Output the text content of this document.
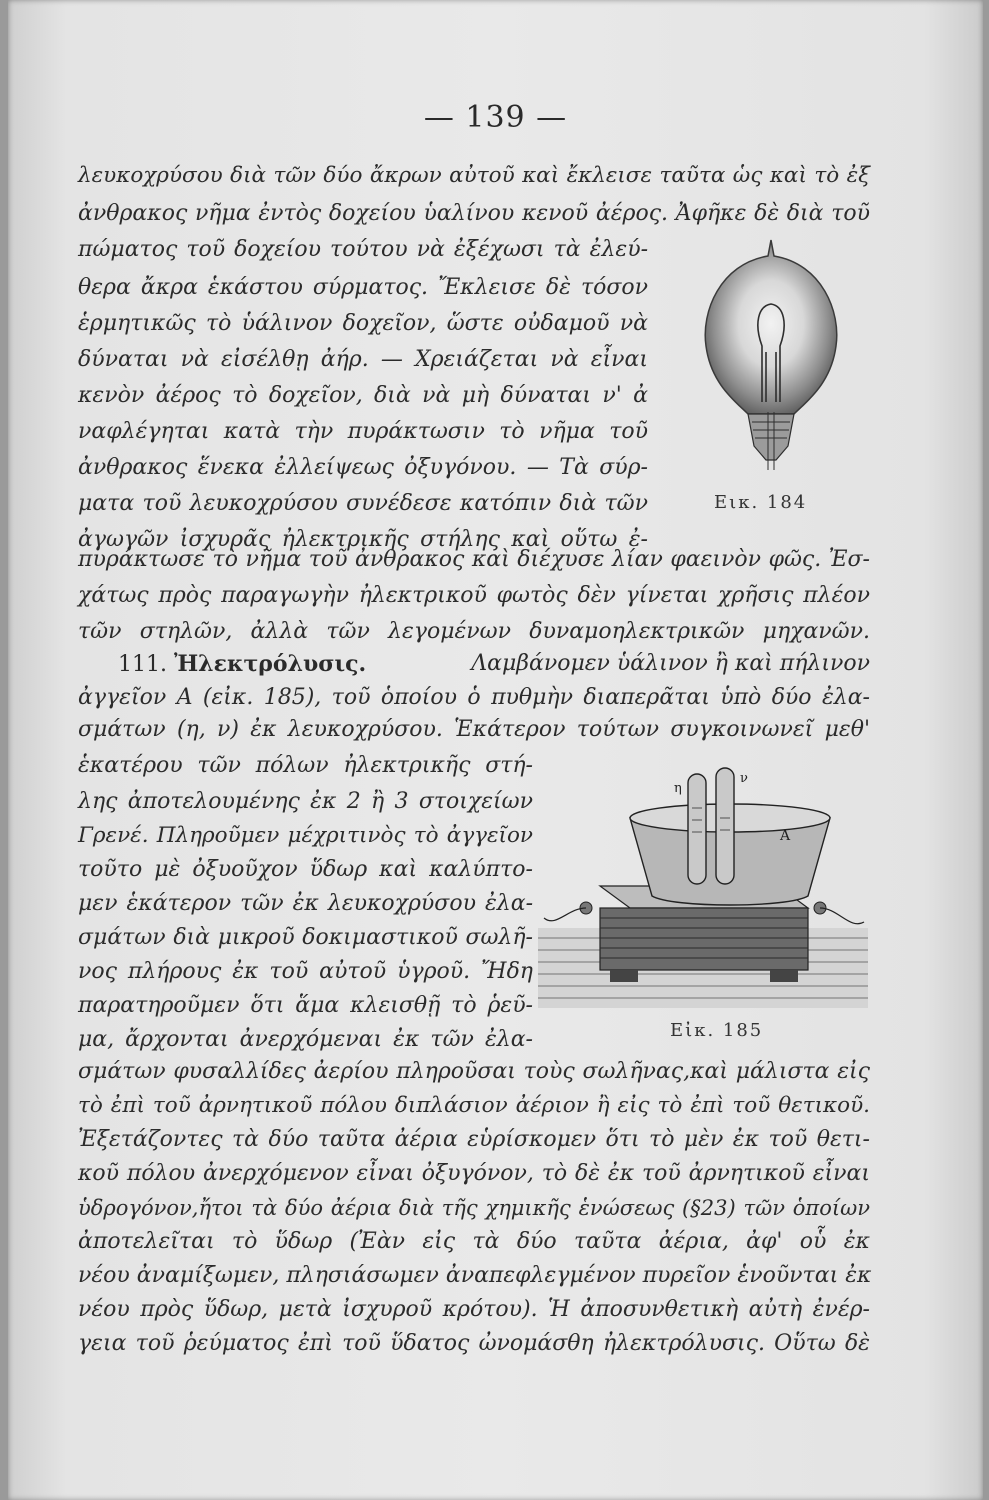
— 139 —
λευκοχρύσου διὰ τῶν δύο ἄκρων αὐτοῦ καὶ ἔκλεισε ταῦτα ὡς καὶ τὸ ἐξ
ἀνθρακος νῆμα ἐντὸς δοχείου ὑαλίνου κενοῦ ἀέρος. Ἀφῆκε δὲ διὰ τοῦ
πώματος τοῦ δοχείου τούτου νὰ ἐξέχωσι τὰ ἐλεύ-
θερα ἄκρα ἑκάστου σύρματος. Ἔκλεισε δὲ τόσον
ἑρμητικῶς τὸ ὑάλινον δοχεῖον, ὥστε οὐδαμοῦ νὰ
δύναται νὰ εἰσέλθῃ ἀήρ. — Χρειάζεται νὰ εἶναι
κενὸν ἀέρος τὸ δοχεῖον, διὰ νὰ μὴ δύναται ν' ἀ
ναφλέγηται κατὰ τὴν πυράκτωσιν τὸ νῆμα τοῦ
ἀνθρακος ἕνεκα ἐλλείψεως ὀξυγόνου. — Τὰ σύρ-
ματα τοῦ λευκοχρύσου συνέδεσε κατόπιν διὰ τῶν
ἀγωγῶν ἰσχυρᾶς ἠλεκτρικῆς στήλης καὶ οὕτω ἐ-
Εικ. 184
πυράκτωσε τὸ νῆμα τοῦ ἀνθρακος καὶ διέχυσε λίαν φαεινὸν φῶς. Ἐσ-
χάτως πρὸς παραγωγὴν ἠλεκτρικοῦ φωτὸς δὲν γίνεται χρῆσις πλέον
τῶν στηλῶν, ἀλλὰ τῶν λεγομένων δυναμοηλεκτρικῶν μηχανῶν.
111. Ἠλεκτρόλυσις.	Λαμβάνομεν ὑάλινον ἢ καὶ πήλινον
ἀγγεῖον Α (εἰκ. 185), τοῦ ὁποίου ὁ πυθμὴν διαπερᾶται ὑπὸ δύο ἐλα-
σμάτων (η, ν) ἐκ λευκοχρύσου. Ἑκάτερον τούτων συγκοινωνεῖ μεθ'
ἑκατέρου τῶν πόλων ἠλεκτρικῆς στή-
λης ἀποτελουμένης ἐκ 2 ἢ 3 στοιχείων
Γρενέ. Πληροῦμεν μέχριτινὸς τὸ ἀγγεῖον
τοῦτο μὲ ὀξυοῦχον ὕδωρ καὶ καλύπτο-
μεν ἑκάτερον τῶν ἐκ λευκοχρύσου ἐλα-
σμάτων διὰ μικροῦ δοκιμαστικοῦ σωλῆ-
νος πλήρους ἐκ τοῦ αὐτοῦ ὑγροῦ. Ἤδη
παρατηροῦμεν ὅτι ἅμα κλεισθῇ τὸ ῥεῦ-
μα, ἄρχονται ἀνερχόμεναι ἐκ τῶν ἐλα-
η
ν
Α
Εἰκ. 185
σμάτων φυσαλλίδες ἀερίου πληροῦσαι τοὺς σωλῆνας,καὶ μάλιστα εἰς
τὸ ἐπὶ τοῦ ἀρνητικοῦ πόλου διπλάσιον ἀέριον ἢ εἰς τὸ ἐπὶ τοῦ θετικοῦ.
Ἐξετάζοντες τὰ δύο ταῦτα ἀέρια εὑρίσκομεν ὅτι τὸ μὲν ἐκ τοῦ θετι-
κοῦ πόλου ἀνερχόμενον εἶναι ὀξυγόνον, τὸ δὲ ἐκ τοῦ ἀρνητικοῦ εἶναι
ὑδρογόνον,ἤτοι τὰ δύο ἀέρια διὰ τῆς χημικῆς ἑνώσεως (§23) τῶν ὁποίων
ἀποτελεῖται τὸ ὕδωρ (Ἐὰν εἰς τὰ δύο ταῦτα ἀέρια, ἀφ' οὗ ἐκ
νέου ἀναμίξωμεν, πλησιάσωμεν ἀναπεφλεγμένον πυρεῖον ἑνοῦνται ἐκ
νέου πρὸς ὕδωρ, μετὰ ἰσχυροῦ κρότου). Ἡ ἀποσυνθετικὴ αὐτὴ ἐνέρ-
γεια τοῦ ῥεύματος ἐπὶ τοῦ ὕδατος ὠνομάσθη ἠλεκτρόλυσις. Οὕτω δὲ
